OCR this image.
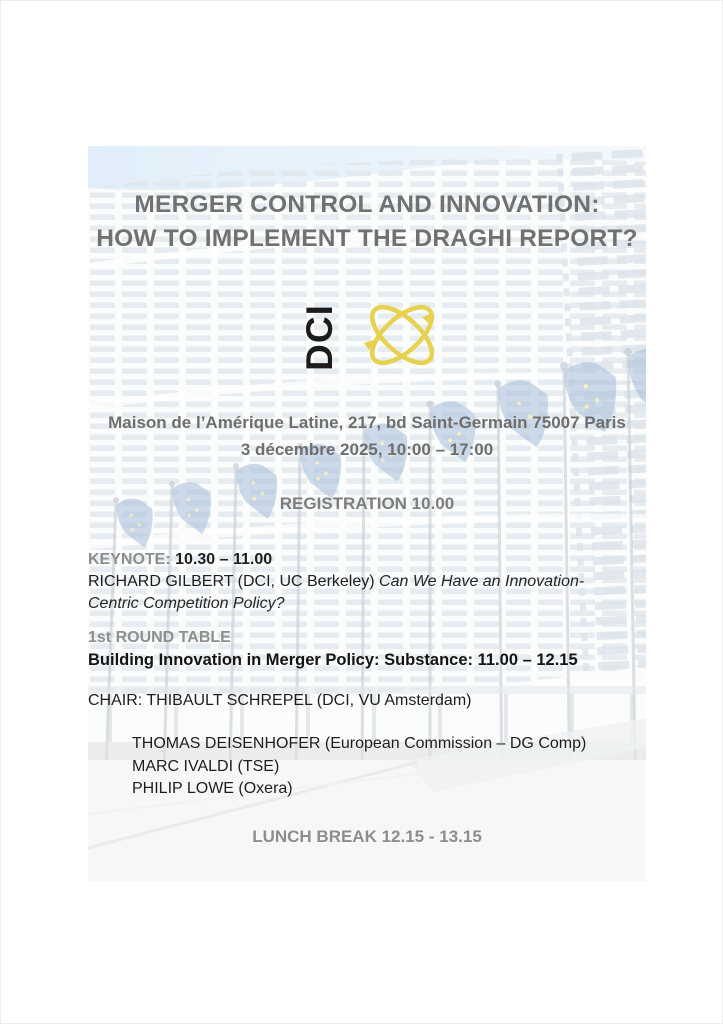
MERGER CONTROL AND INNOVATION:
HOW TO IMPLEMENT THE DRAGHI REPORT?
DCI
Maison de l’Amérique Latine, 217, bd Saint-Germain 75007 Paris
3 décembre 2025, 10:00 – 17:00
REGISTRATION 10.00
KEYNOTE: 10.30 – 11.00
RICHARD GILBERT (DCI, UC Berkeley) Can We Have an Innovation-Centric Competition Policy?
1st ROUND TABLE
Building Innovation in Merger Policy: Substance: 11.00 – 12.15
CHAIR: THIBAULT SCHREPEL (DCI, VU Amsterdam)
THOMAS DEISENHOFER (European Commission – DG Comp)
MARC IVALDI (TSE)
PHILIP LOWE (Oxera)
LUNCH BREAK 12.15 - 13.15
